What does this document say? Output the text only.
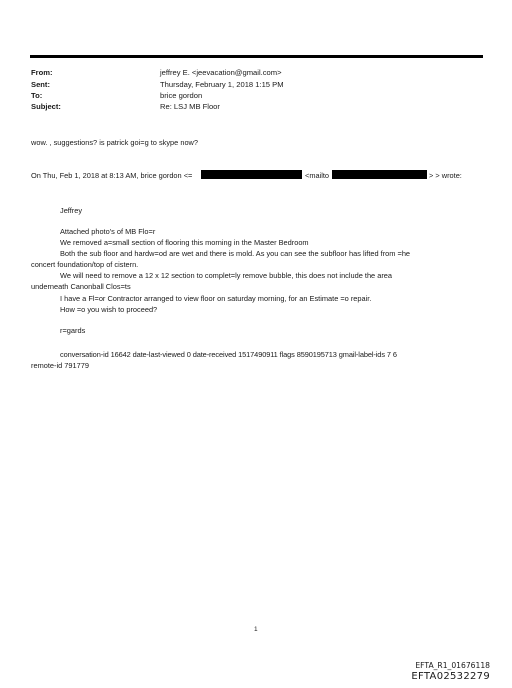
From:	jeffrey E. <jeevacation@gmail.com>
Sent:	Thursday, February 1, 2018 1:15 PM
To:	brice gordon
Subject:	Re: LSJ MB Floor
wow. , suggestions? is patrick goi=g to skype now?
On Thu, Feb 1, 2018 at 8:13 AM, brice gordon <=	<mailto	> > wrote:
Jeffrey
Attached photo's of MB Flo=r
We removed a=small section of flooring this morning in the Master Bedroom
Both the sub floor and hardw=od are wet and there is mold. As you can see the subfloor has lifted from =he
concert foundation/top of cistern.
We will need to remove a 12 x 12 section to complet=ly remove bubble, this does not include the area
underneath Canonball Clos=ts
I have a Fl=or Contractor arranged to view floor on saturday morning, for an Estimate =o repair.
How =o you wish to proceed?
r=gards
conversation-id 16642 date-last-viewed 0 date-received 1517490911 flags 8590195713 gmail-label-ids 7 6
remote-id 791779
1
EFTA_R1_01676118
EFTA02532279
